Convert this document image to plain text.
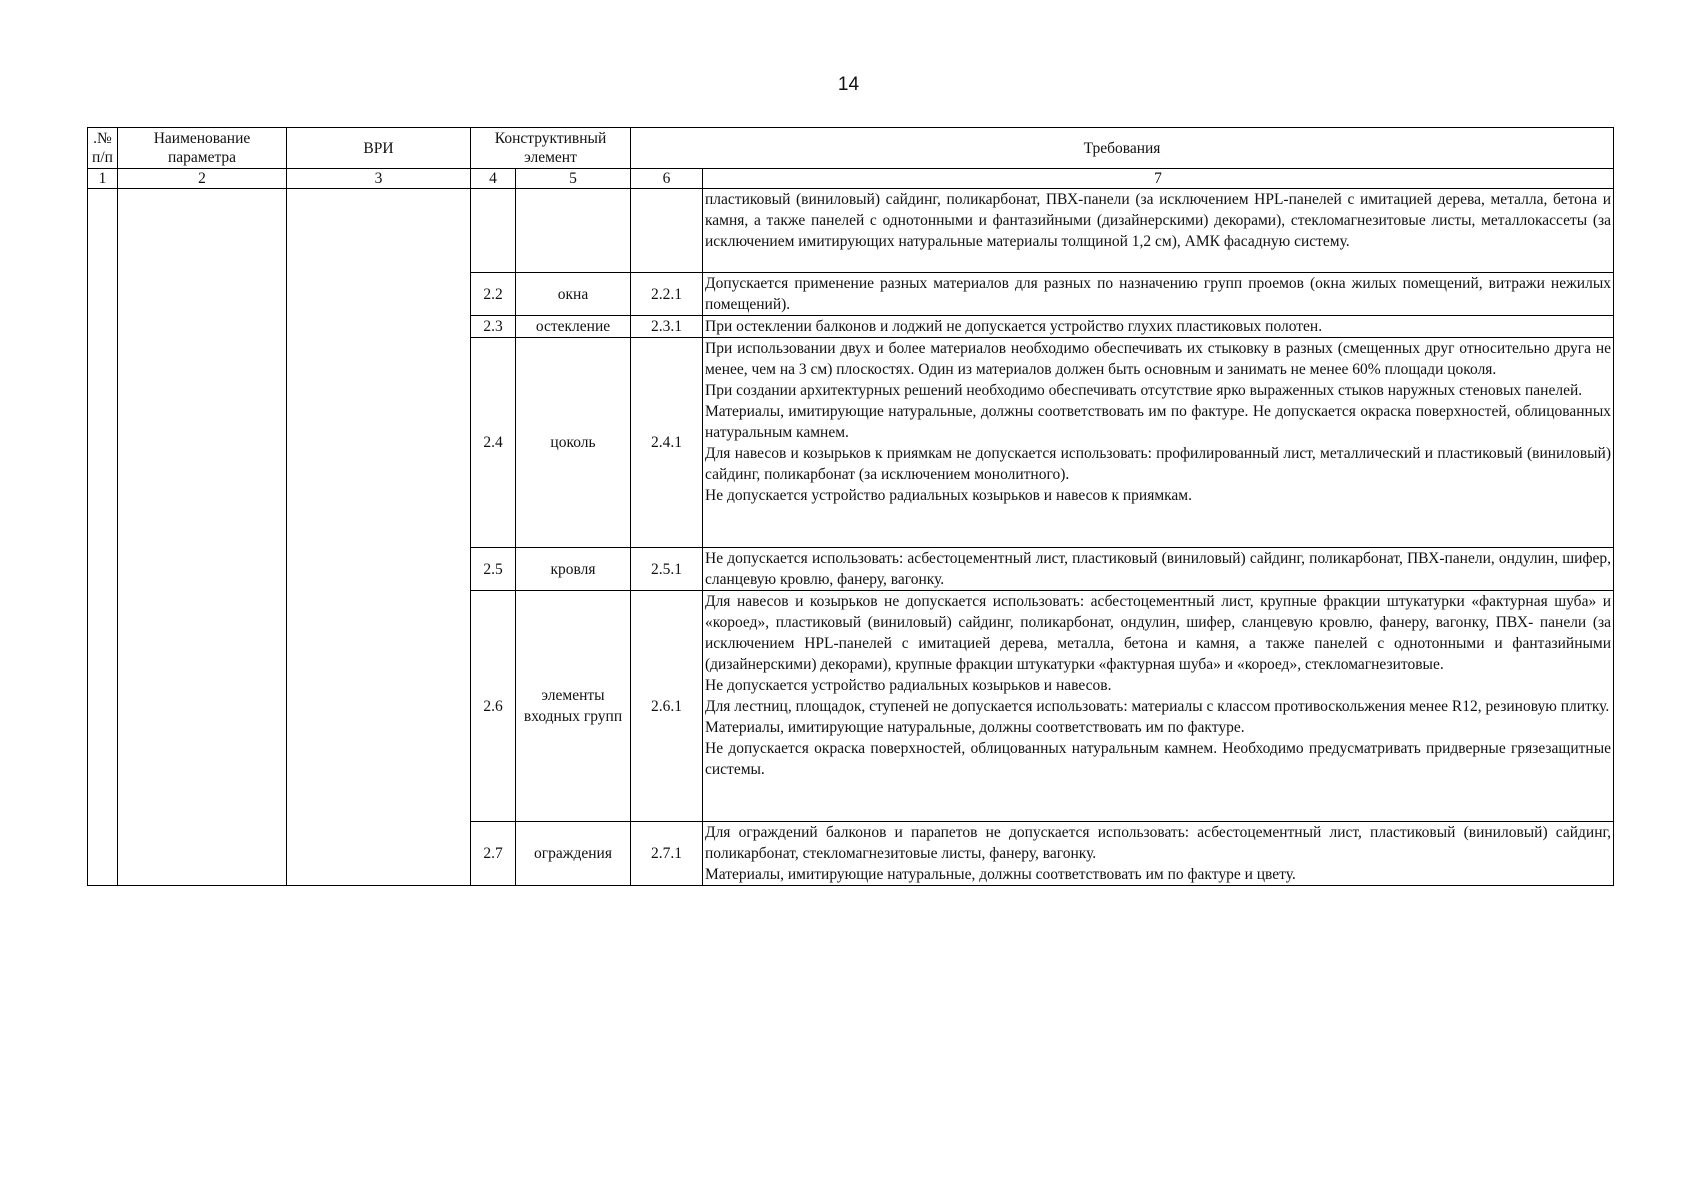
14
.№ п/п	Наименование параметра	ВРИ	Конструктивный элемент		Требования	
1	2	3	4	5	6	7

						пластиковый (виниловый) сайдинг, поликарбонат, ПВХ-панели (за исключением HPL-панелей с имитацией дерева, металла, бетона и камня, а также панелей с однотонными и фантазийными (дизайнерскими) декорами), стекломагнезитовые листы, металлокассеты (за исключением имитирующих натуральные материалы толщиной 1,2 см), АМК фасадную систему.

			2.2	окна	2.2.1	Допускается применение разных материалов для разных по назначению групп проемов (окна жилых помещений, витражи нежилых помещений).

			2.3	остекление	2.3.1	При остеклении балконов и лоджий не допускается устройство глухих пластиковых полотен.

			2.4	цоколь	2.4.1	При использовании двух и более материалов необходимо обеспечивать их стыковку в разных (смещенных друг относительно друга не менее, чем на 3 см) плоскостях. Один из материалов должен быть основным и занимать не менее 60% площади цоколя.

При создании архитектурных решений необходимо обеспечивать отсутствие ярко выраженных стыков наружных стеновых панелей.

Материалы, имитирующие натуральные, должны соответствовать им по фактуре. Не допускается окраска поверхностей, облицованных натуральным камнем.

Для навесов и козырьков к приямкам не допускается использовать: профилированный лист, металлический и пластиковый (виниловый) сайдинг, поликарбонат (за исключением монолитного).

Не допускается устройство радиальных козырьков и навесов к приямкам.

			2.5	кровля	2.5.1	Не допускается использовать: асбестоцементный лист, пластиковый (виниловый) сайдинг, поликарбонат, ПВХ-панели, ондулин, шифер, сланцевую кровлю, фанеру, вагонку.

			2.6	элементы входных групп	2.6.1	Для навесов и козырьков не допускается использовать: асбестоцементный лист, крупные фракции штукатурки «фактурная шуба» и «короед», пластиковый (виниловый) сайдинг, поликарбонат, ондулин, шифер, сланцевую кровлю, фанеру, вагонку, ПВХ- панели (за исключением HPL-панелей с имитацией дерева, металла, бетона и камня, а также панелей с однотонными и фантазийными (дизайнерскими) декорами), крупные фракции штукатурки «фактурная шуба» и «короед», стекломагнезитовые.

Не допускается устройство радиальных козырьков и навесов.

Для лестниц, площадок, ступеней не допускается использовать: материалы с классом противоскольжения менее R12, резиновую плитку.

Материалы, имитирующие натуральные, должны соответствовать им по фактуре.

Не допускается окраска поверхностей, облицованных натуральным камнем. Необходимо предусматривать придверные грязезащитные системы.

			2.7	ограждения	2.7.1	Для ограждений балконов и парапетов не допускается использовать: асбестоцементный лист, пластиковый (виниловый) сайдинг, поликарбонат, стекломагнезитовые листы, фанеру, вагонку.

Материалы, имитирующие натуральные, должны соответствовать им по фактуре и цвету.
